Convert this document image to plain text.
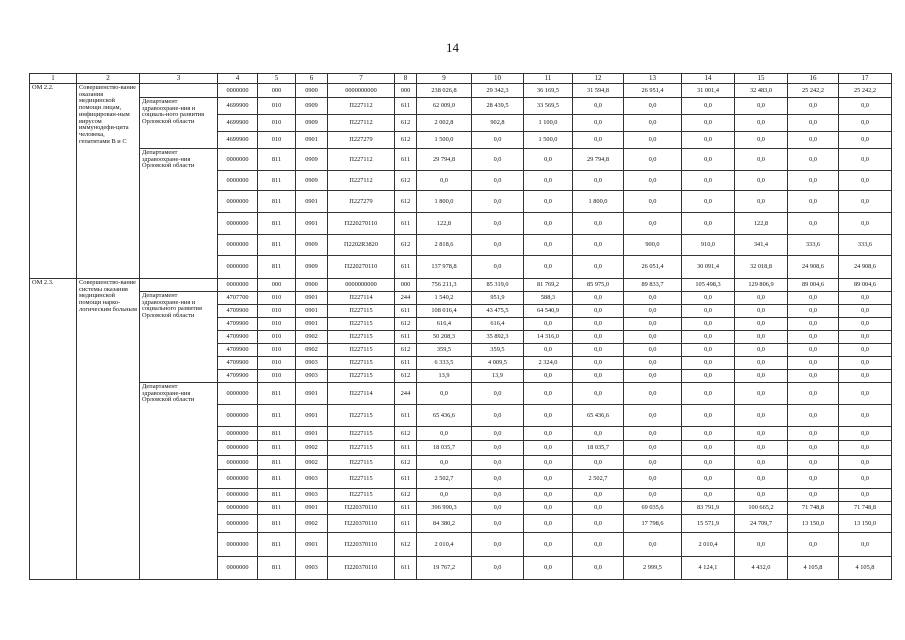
14
1	2	3	4	5	6	7	8	9	10	11	12	13	14	15	16	17
ОМ 2.2.	Совершенство-вание оказания медицинской помощи лицам, инфицирован-ным вирусом иммунодефи-цита человека, гепатитами В и С		0000000	000	0900	0000000000	000	238 026,8	29 342,3	36 169,5	31 594,8	26 951,4	31 001,4	32 483,0	25 242,2	25 242,2
		Департамент здравоохране-ния и социаль-ного развития Орловской области	4699900	010	0909	П227112	611	62 009,0	28 439,5	33 569,5	0,0	0,0	0,0	0,0	0,0	0,0
			4699900	010	0909	П227112	612	2 002,8	902,8	1 100,0	0,0	0,0	0,0	0,0	0,0	0,0
			4699900	010	0901	П227279	612	1 500,0	0,0	1 500,0	0,0	0,0	0,0	0,0	0,0	0,0
		Департамент здравоохране-ния Орловской области	0000000	811	0909	П227112	611	29 794,8	0,0	0,0	29 794,8	0,0	0,0	0,0	0,0	0,0
			0000000	811	0909	П227112	612	0,0	0,0	0,0	0,0	0,0	0,0	0,0	0,0	0,0
			0000000	811	0901	П227279	612	1 800,0	0,0	0,0	1 800,0	0,0	0,0	0,0	0,0	0,0
			0000000	811	0901	П220270110	611	122,8	0,0	0,0	0,0	0,0	0,0	122,8	0,0	0,0
			0000000	811	0909	П2202R3820	612	2 818,6	0,0	0,0	0,0	900,0	910,0	341,4	333,6	333,6
			0000000	811	0909	П220270110	611	137 978,8	0,0	0,0	0,0	26 051,4	30 091,4	32 018,8	24 908,6	24 908,6
ОМ 2.3.	Совершенство-вание системы оказания медицинской помощи нарко-логическим больным		0000000	000	0900	0000000000	000	756 211,3	85 319,0	81 769,2	85 975,0	89 833,7	105 498,3	129 806,9	89 004,6	89 004,6
		Департамент здравоохране-ния и социального развития Орловской области	4707700	010	0901	П227114	244	1 540,2	951,9	588,3	0,0	0,0	0,0	0,0	0,0	0,0
			4709900	010	0901	П227115	611	108 016,4	43 475,5	64 540,9	0,0	0,0	0,0	0,0	0,0	0,0
			4709900	010	0901	П227115	612	616,4	616,4	0,0	0,0	0,0	0,0	0,0	0,0	0,0
			4709900	010	0902	П227115	611	50 208,3	35 892,3	14 316,0	0,0	0,0	0,0	0,0	0,0	0,0
			4709900	010	0902	П227115	612	359,5	359,5	0,0	0,0	0,0	0,0	0,0	0,0	0,0
			4709900	010	0903	П227115	611	6 333,5	4 009,5	2 324,0	0,0	0,0	0,0	0,0	0,0	0,0
			4709900	010	0903	П227115	612	13,9	13,9	0,0	0,0	0,0	0,0	0,0	0,0	0,0
		Департамент здравоохране-ния Орловской области	0000000	811	0901	П227114	244	0,0	0,0	0,0	0,0	0,0	0,0	0,0	0,0	0,0
			0000000	811	0901	П227115	611	65 436,6	0,0	0,0	65 436,6	0,0	0,0	0,0	0,0	0,0
			0000000	811	0901	П227115	612	0,0	0,0	0,0	0,0	0,0	0,0	0,0	0,0	0,0
			0000000	811	0902	П227115	611	18 035,7	0,0	0,0	18 035,7	0,0	0,0	0,0	0,0	0,0
			0000000	811	0902	П227115	612	0,0	0,0	0,0	0,0	0,0	0,0	0,0	0,0	0,0
			0000000	811	0903	П227115	611	2 502,7	0,0	0,0	2 502,7	0,0	0,0	0,0	0,0	0,0
			0000000	811	0903	П227115	612	0,0	0,0	0,0	0,0	0,0	0,0	0,0	0,0	0,0
			0000000	811	0901	П220370110	611	396 990,3	0,0	0,0	0,0	69 035,6	83 791,9	100 665,2	71 748,8	71 748,8
			0000000	811	0902	П220370110	611	84 380,2	0,0	0,0	0,0	17 798,6	15 571,9	24 709,7	13 150,0	13 150,0
			0000000	811	0901	П220370110	612	2 010,4	0,0	0,0	0,0	0,0	2 010,4	0,0	0,0	0,0
			0000000	811	0903	П220370110	611	19 767,2	0,0	0,0	0,0	2 999,5	4 124,1	4 432,0	4 105,8	4 105,8
